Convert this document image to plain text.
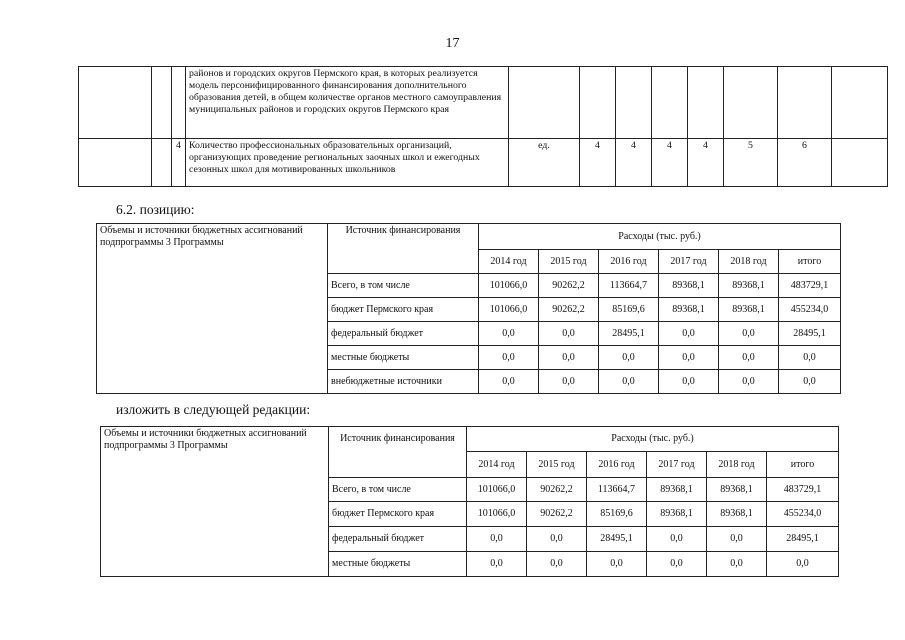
17
			районов и городских округов Пермского края, в которых реализуется модель персонифицированного финансирования дополнительного образования детей, в общем количестве органов местного самоуправления муниципальных районов и городских округов Пермского края								
		4	Количество профессиональных образовательных организаций, организующих проведение региональных заочных школ и ежегодных сезонных школ для мотивированных школьников	ед.	4	4	4	4	5	6	
6.2. позицию:
Объемы и источники бюджетных ассигнований подпрограммы 3 Программы	Источник финансирования	Расходы (тыс. руб.)					
		2014 год	2015 год	2016 год	2017 год	2018 год	итого
	Всего, в том числе	101066,0	90262,2	113664,7	89368,1	89368,1	483729,1
	бюджет Пермского края	101066,0	90262,2	85169,6	89368,1	89368,1	455234,0
	федеральный бюджет	0,0	0,0	28495,1	0,0	0,0	28495,1
	местные бюджеты	0,0	0,0	0,0	0,0	0,0	0,0
	внебюджетные источники	0,0	0,0	0,0	0,0	0,0	0,0
изложить в следующей редакции:
Объемы и источники бюджетных ассигнований подпрограммы 3 Программы	Источник финансирования	Расходы (тыс. руб.)					
		2014 год	2015 год	2016 год	2017 год	2018 год	итого
	Всего, в том числе	101066,0	90262,2	113664,7	89368,1	89368,1	483729,1
	бюджет Пермского края	101066,0	90262,2	85169,6	89368,1	89368,1	455234,0
	федеральный бюджет	0,0	0,0	28495,1	0,0	0,0	28495,1
	местные бюджеты	0,0	0,0	0,0	0,0	0,0	0,0
